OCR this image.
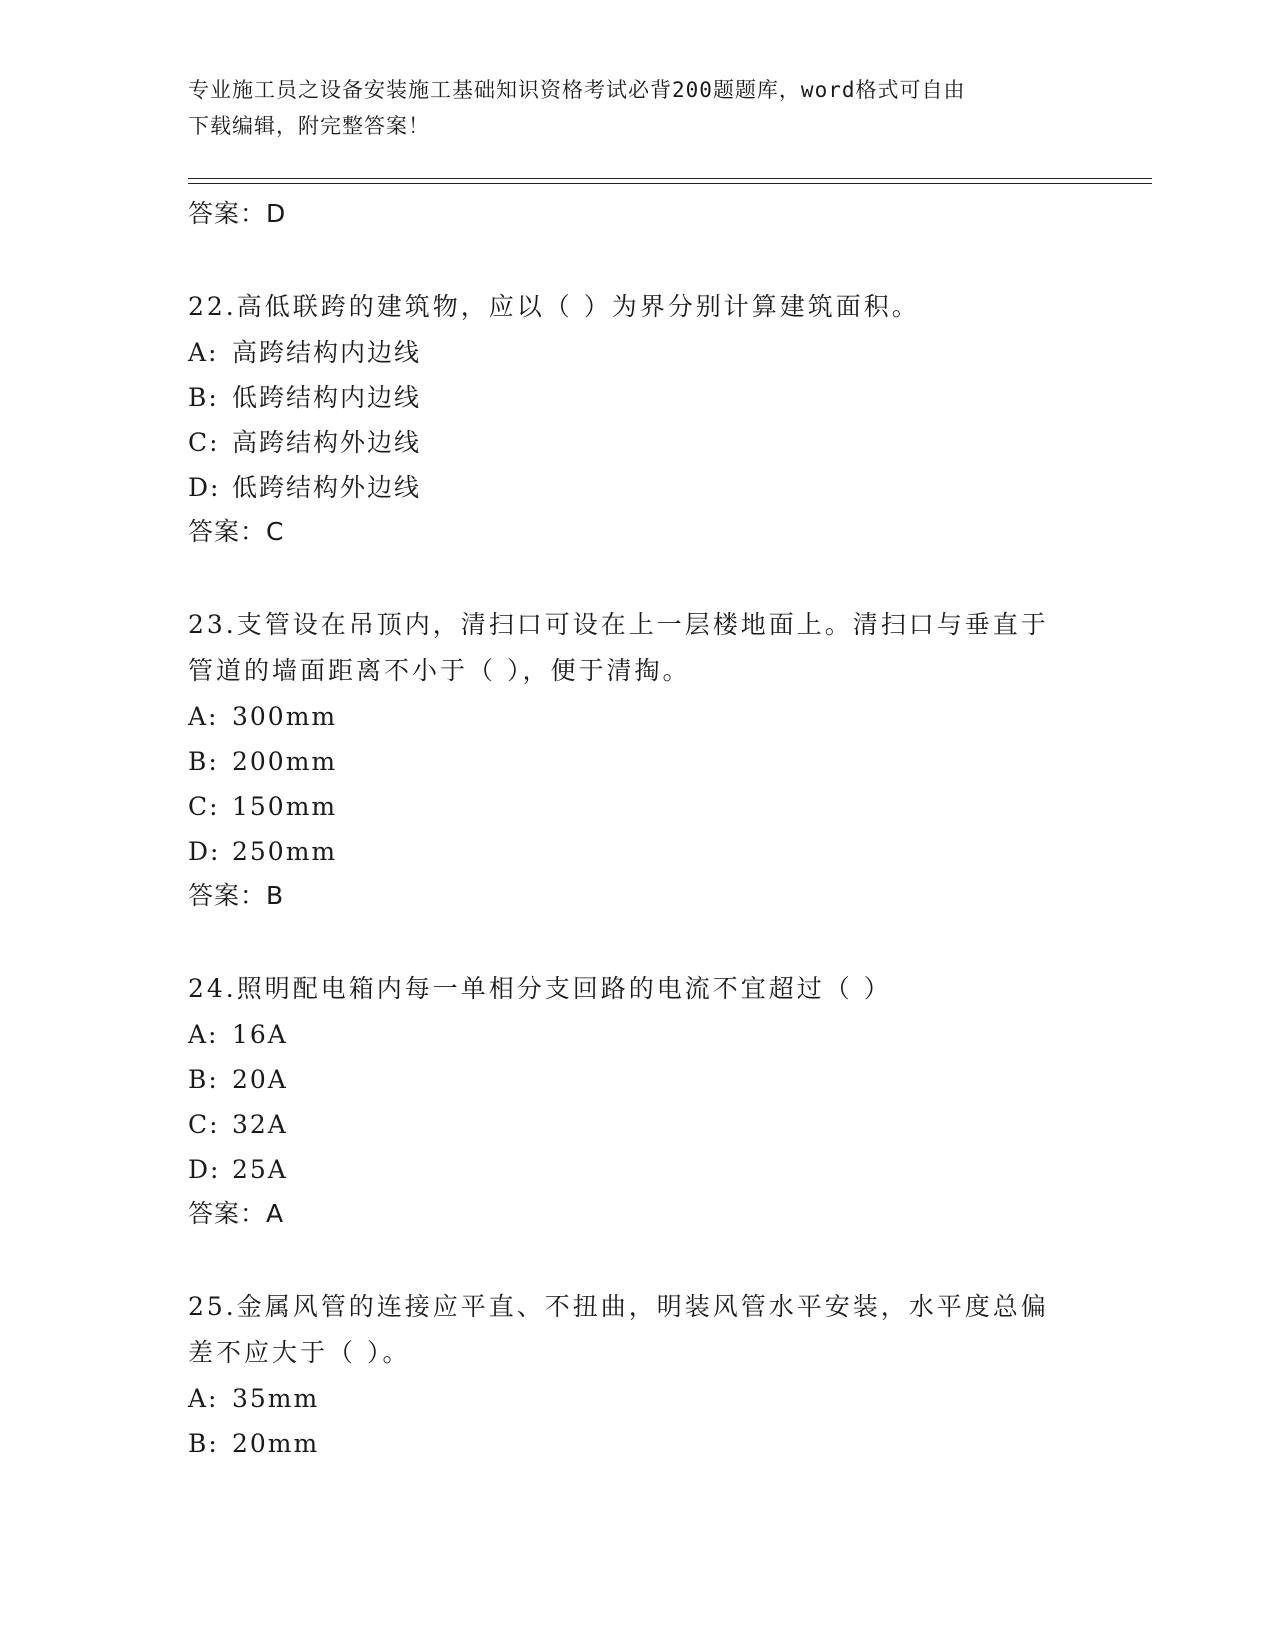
专业施工员之设备安装施工基础知识资格考试必背200题题库，word格式可自由
下载编辑，附完整答案！
答案：D
22.高低联跨的建筑物，应以（ ）为界分别计算建筑面积。
A: 高跨结构内边线
B: 低跨结构内边线
C: 高跨结构外边线
D: 低跨结构外边线
答案：C
23.支管设在吊顶内，清扫口可设在上一层楼地面上。清扫口与垂直于
管道的墙面距离不小于（ ），便于清掏。
A: 300mm
B: 200mm
C: 150mm
D: 250mm
答案：B
24.照明配电箱内每一单相分支回路的电流不宜超过（ ）
A: 16A
B: 20A
C: 32A
D: 25A
答案：A
25.金属风管的连接应平直、不扭曲，明装风管水平安装，水平度总偏
差不应大于（ ）。
A: 35mm
B: 20mm
